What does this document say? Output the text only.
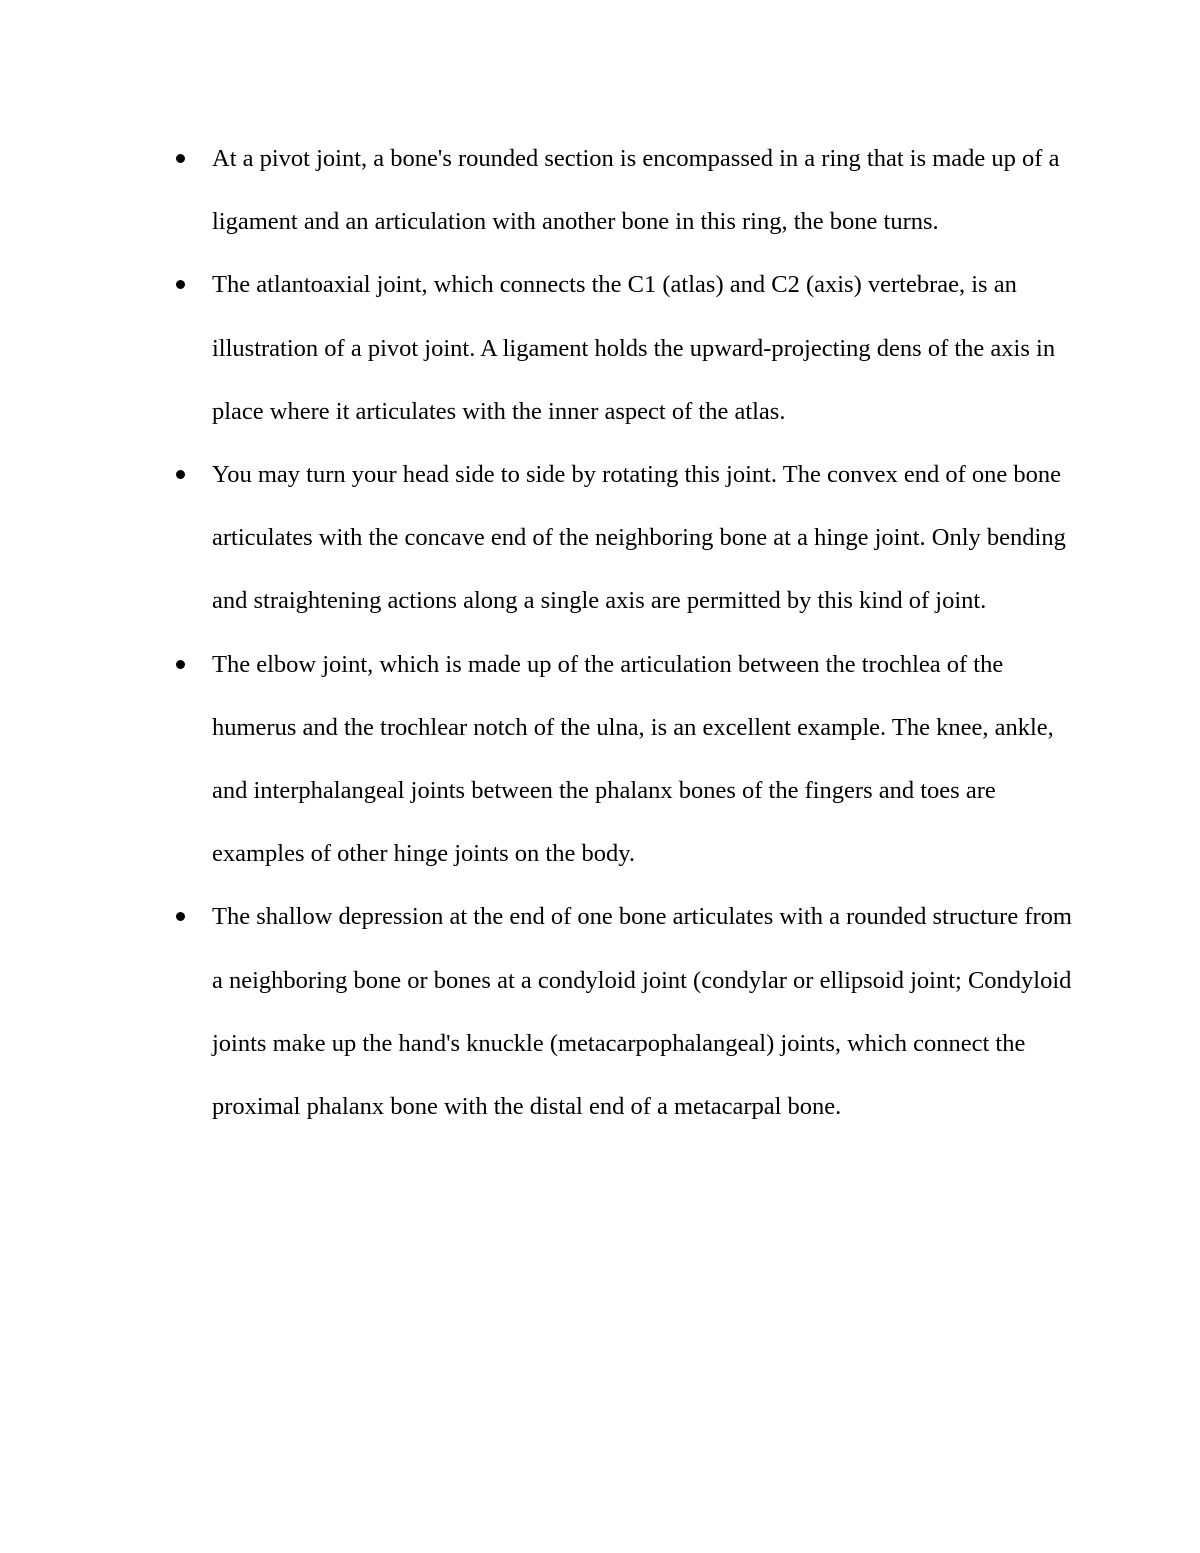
At a pivot joint, a bone's rounded section is encompassed in a ring that is made up of a ligament and an articulation with another bone in this ring, the bone turns.
The atlantoaxial joint, which connects the C1 (atlas) and C2 (axis) vertebrae, is an illustration of a pivot joint. A ligament holds the upward-projecting dens of the axis in place where it articulates with the inner aspect of the atlas.
You may turn your head side to side by rotating this joint. The convex end of one bone articulates with the concave end of the neighboring bone at a hinge joint. Only bending and straightening actions along a single axis are permitted by this kind of joint.
The elbow joint, which is made up of the articulation between the trochlea of the humerus and the trochlear notch of the ulna, is an excellent example. The knee, ankle, and interphalangeal joints between the phalanx bones of the fingers and toes are examples of other hinge joints on the body.
The shallow depression at the end of one bone articulates with a rounded structure from a neighboring bone or bones at a condyloid joint (condylar or ellipsoid joint; Condyloid joints make up the hand's knuckle (metacarpophalangeal) joints, which connect the proximal phalanx bone with the distal end of a metacarpal bone.
